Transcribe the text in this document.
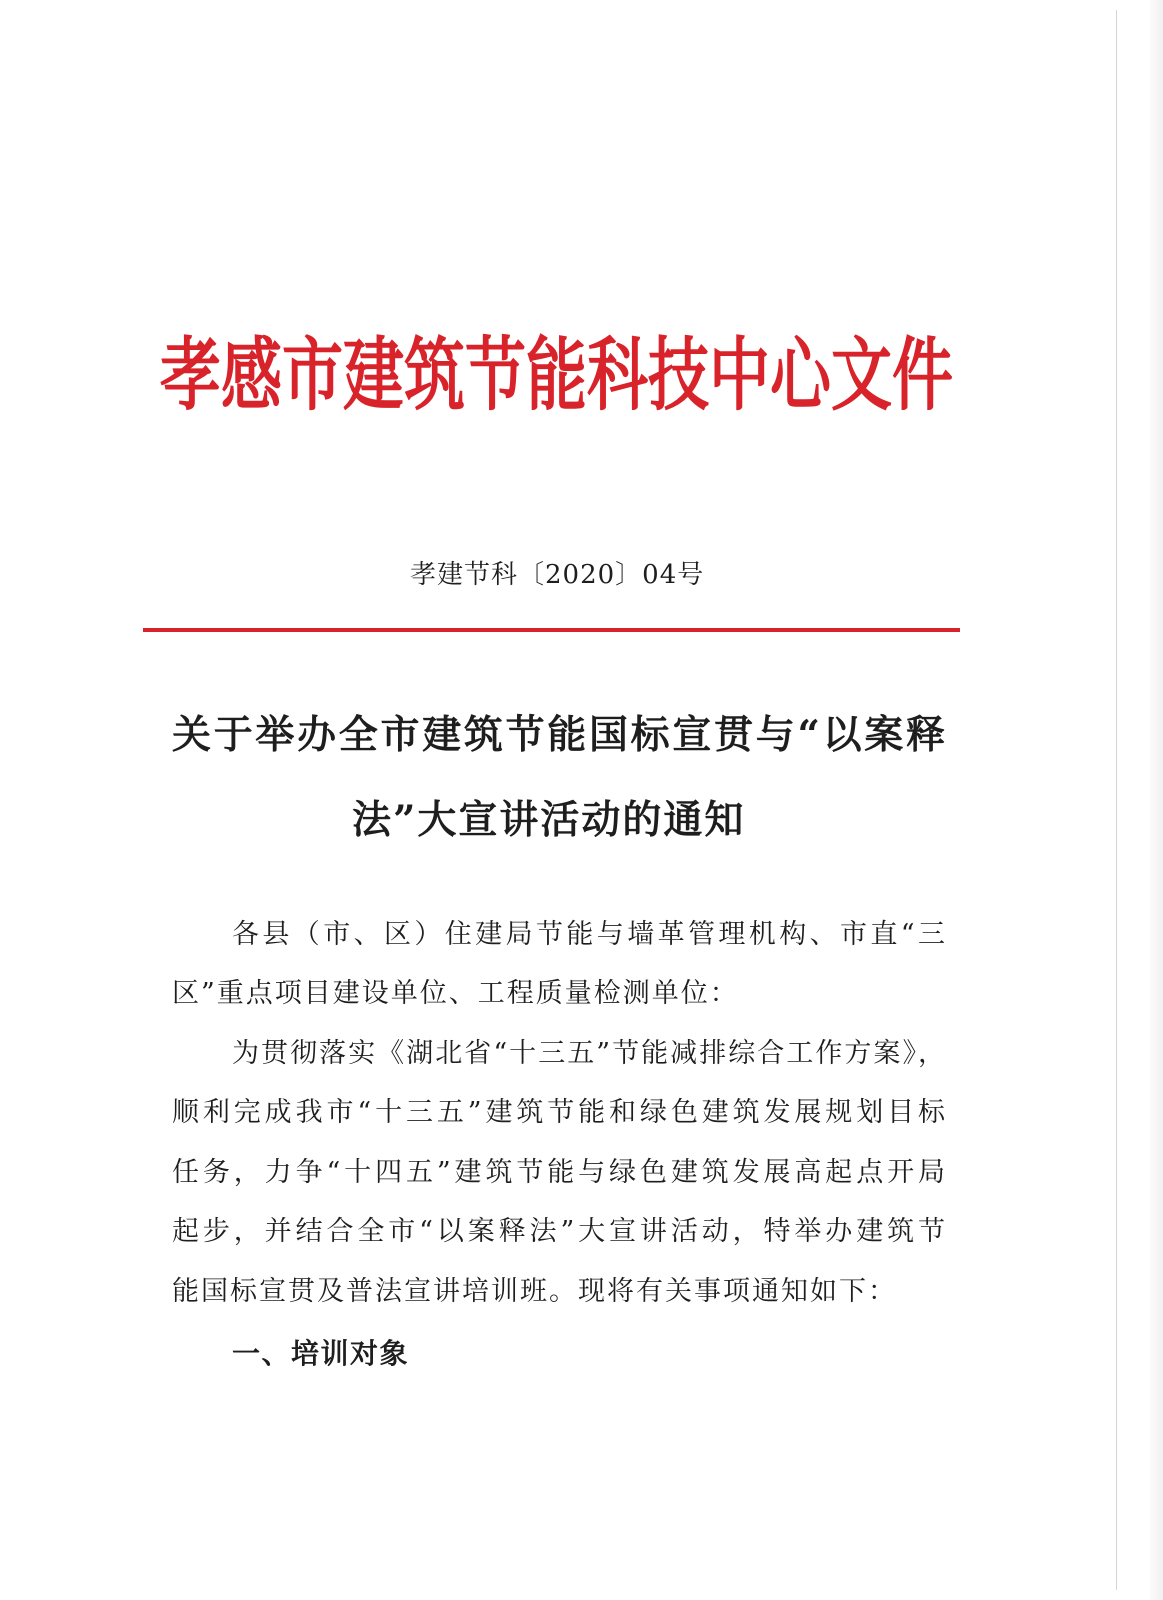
孝感市建筑节能科技中心文件
孝建节科〔2020〕04号
关于举办全市建筑节能国标宣贯与“以案释
法”大宣讲活动的通知
各县（市、区）住建局节能与墙革管理机构、市直“三
区”重点项目建设单位、工程质量检测单位：
为贯彻落实《湖北省“十三五”节能减排综合工作方案》，
顺利完成我市“十三五”建筑节能和绿色建筑发展规划目标
任务，力争“十四五”建筑节能与绿色建筑发展高起点开局
起步，并结合全市“以案释法”大宣讲活动，特举办建筑节
能国标宣贯及普法宣讲培训班。现将有关事项通知如下：
一、培训对象
